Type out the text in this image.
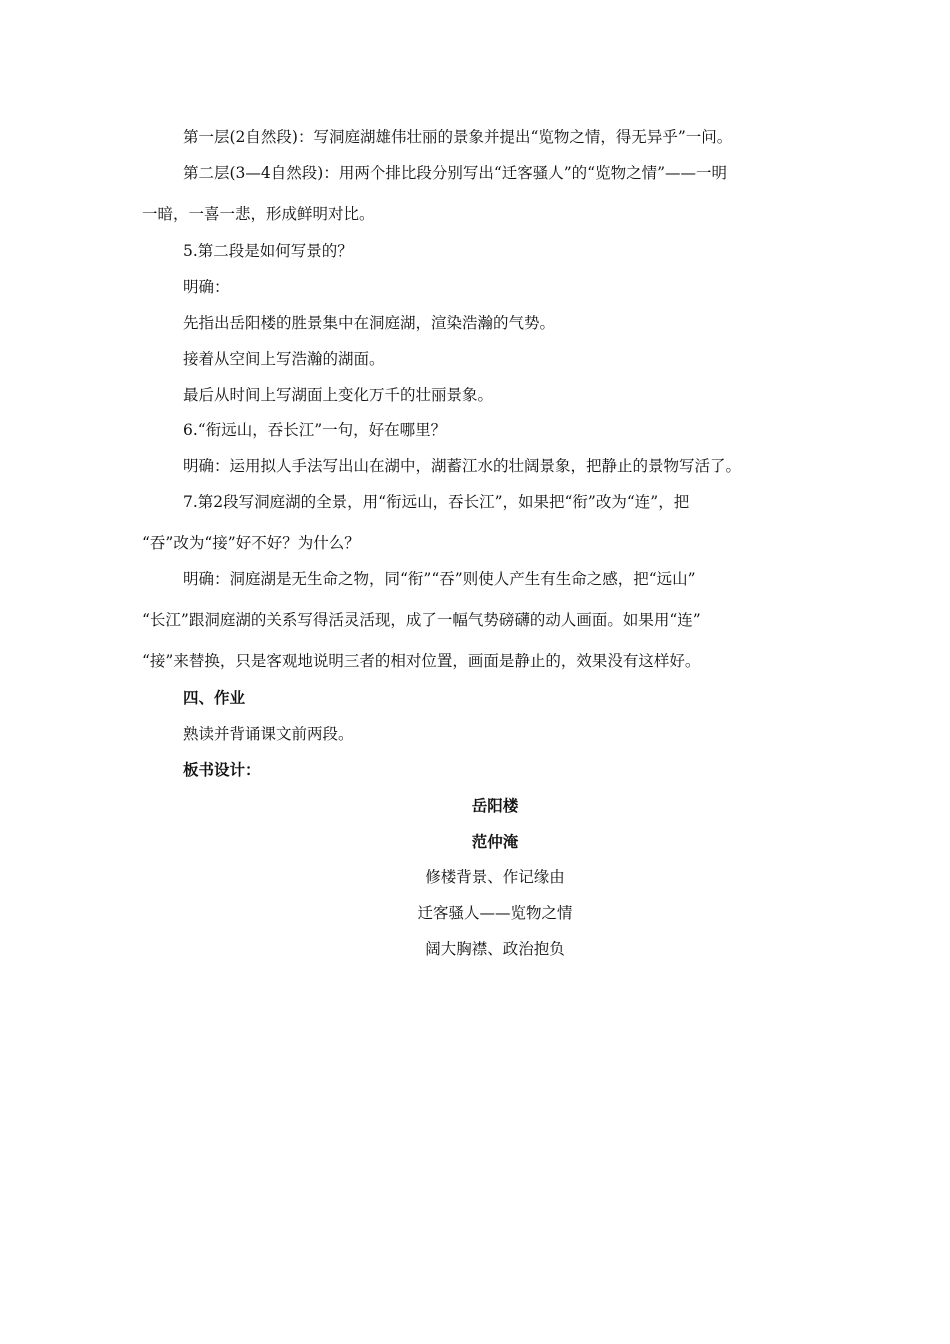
第一层(2自然段)：写洞庭湖雄伟壮丽的景象并提出“览物之情，得无异乎”一问。
第二层(3—4自然段)：用两个排比段分别写出“迁客骚人”的“览物之情”——一明
一暗，一喜一悲，形成鲜明对比。
5.第二段是如何写景的？
明确：
先指出岳阳楼的胜景集中在洞庭湖，渲染浩瀚的气势。
接着从空间上写浩瀚的湖面。
最后从时间上写湖面上变化万千的壮丽景象。
6.“衔远山，吞长江”一句，好在哪里？
明确：运用拟人手法写出山在湖中，湖蓄江水的壮阔景象，把静止的景物写活了。
7.第2段写洞庭湖的全景，用“衔远山，吞长江”，如果把“衔”改为“连”，把
“吞”改为“接”好不好？为什么？
明确：洞庭湖是无生命之物，同“衔”“吞”则使人产生有生命之感，把“远山”
“长江”跟洞庭湖的关系写得活灵活现，成了一幅气势磅礴的动人画面。如果用“连”
“接”来替换，只是客观地说明三者的相对位置，画面是静止的，效果没有这样好。
四、作业
熟读并背诵课文前两段。
板书设计：
岳阳楼
范仲淹
修楼背景、作记缘由
迁客骚人——览物之情
阔大胸襟、政治抱负
